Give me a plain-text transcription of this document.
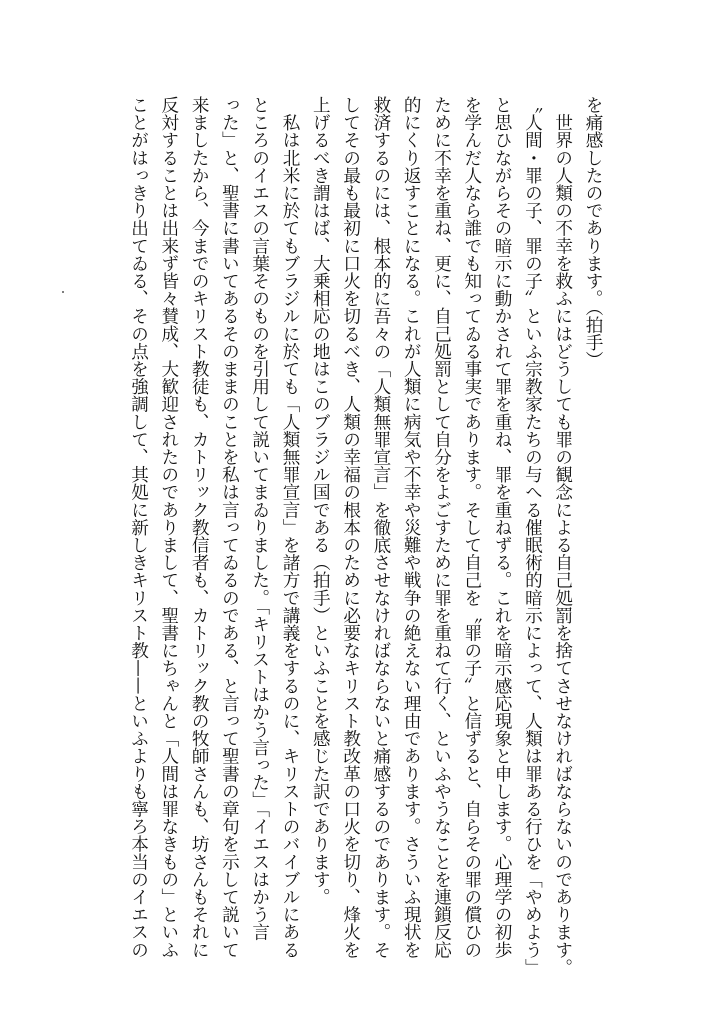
を痛感したのであります。（拍手）
　世界の人類の不幸を救ふにはどうしても罪の観念による自己処罰を捨てさせなければならないのであります。
〝人間・罪の子、罪の子〟といふ宗教家たちの与へる催眠術的暗示によって、人類は罪ある行ひを「やめよう」
と思ひながらその暗示に動かされて罪を重ね、罪を重ねずる。これを暗示感応現象と申します。心理学の初歩
を学んだ人なら誰でも知ってゐる事実であります。そして自己を〝罪の子〟と信ずると、自らその罪の償ひの
ために不幸を重ね、更に、自己処罰として自分をよごすために罪を重ねて行く、といふやうなことを連鎖反応
的にくり返すことになる。これが人類に病気や不幸や災難や戦争の絶えない理由であります。さういふ現状を
救済するのには、根本的に吾々の「人類無罪宣言」を徹底させなければならないと痛感するのであります。そ
してその最も最初に口火を切るべき、人類の幸福の根本のために必要なキリスト教改革の口火を切り、烽火を
上げるべき謂はば、大乗相応の地はこのブラジル国である（拍手）といふことを感じた訳であります。
　私は北米に於てもブラジルに於ても「人類無罪宣言」を諸方で講義をするのに、キリストのバイブルにある
ところのイエスの言葉そのものを引用して説いてまゐりました。「キリストはかう言った」「イエスはかう言
った」と、聖書に書いてあるそのままのことを私は言ってゐるのである、と言って聖書の章句を示して説いて
来ましたから、今までのキリスト教徒も、カトリック教信者も、カトリック教の牧師さんも、坊さんもそれに
反対することは出来ず皆々賛成、大歓迎されたのでありまして、聖書にちゃんと「人間は罪なきもの」といふ
ことがはっきり出てゐる、その点を強調して、其処に新しきキリスト教——といふよりも寧ろ本当のイエスの
